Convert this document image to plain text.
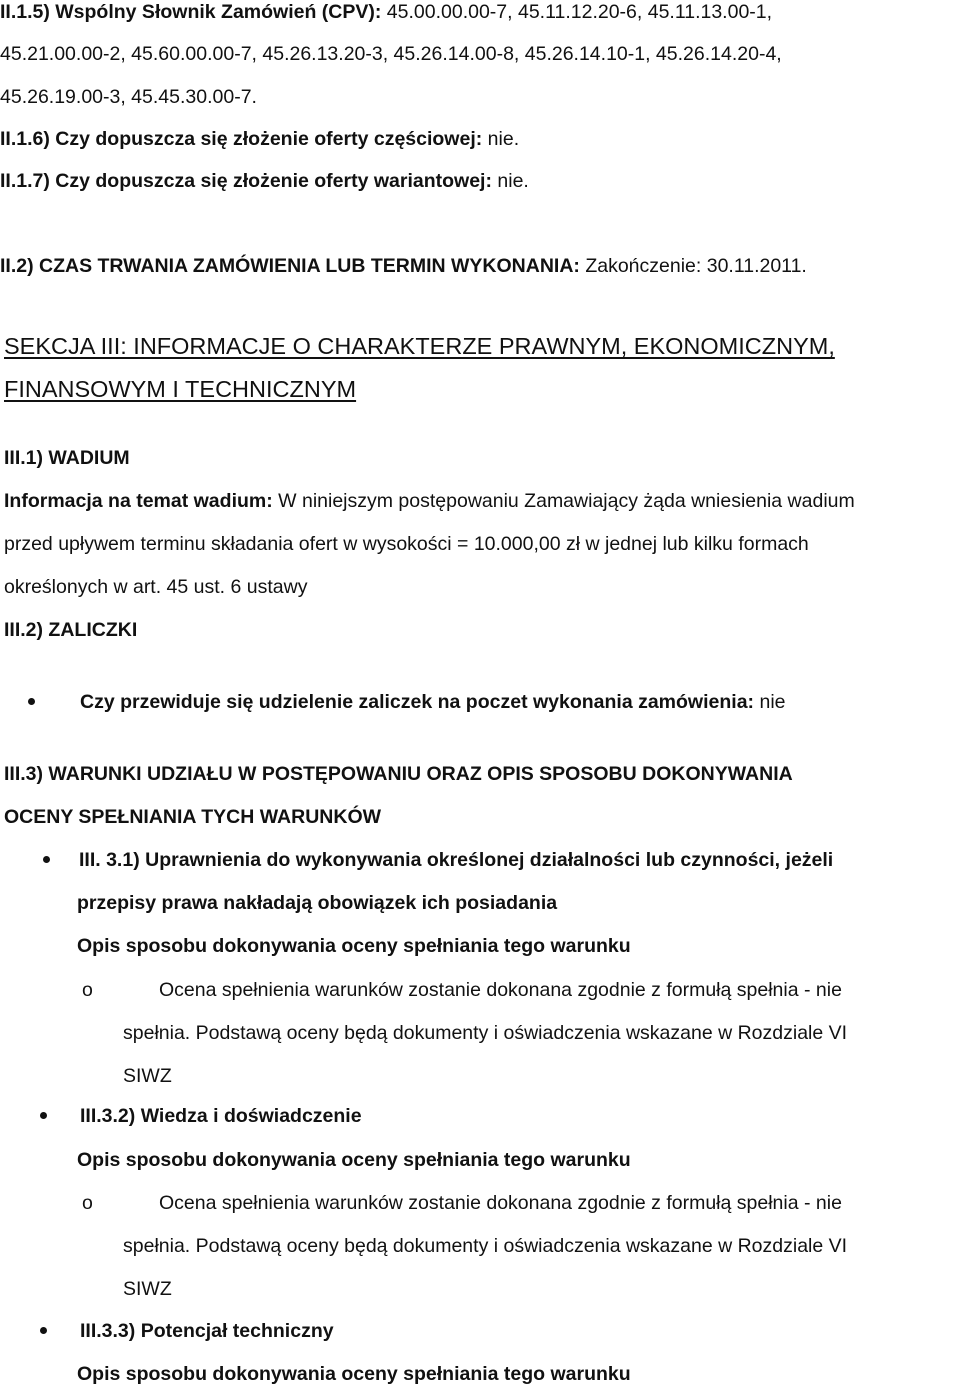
II.1.5) Wspólny Słownik Zamówień (CPV): 45.00.00.00-7, 45.11.12.20-6, 45.11.13.00-1,
45.21.00.00-2, 45.60.00.00-7, 45.26.13.20-3, 45.26.14.00-8, 45.26.14.10-1, 45.26.14.20-4,
45.26.19.00-3, 45.45.30.00-7.
II.1.6) Czy dopuszcza się złożenie oferty częściowej: nie.
II.1.7) Czy dopuszcza się złożenie oferty wariantowej: nie.
II.2) CZAS TRWANIA ZAMÓWIENIA LUB TERMIN WYKONANIA: Zakończenie: 30.11.2011.
SEKCJA III: INFORMACJE O CHARAKTERZE PRAWNYM, EKONOMICZNYM,
FINANSOWYM I TECHNICZNYM
III.1) WADIUM
Informacja na temat wadium: W niniejszym postępowaniu Zamawiający żąda wniesienia wadium
przed upływem terminu składania ofert w wysokości = 10.000,00 zł w jednej lub kilku formach
określonych w art. 45 ust. 6 ustawy
III.2) ZALICZKI
Czy przewiduje się udzielenie zaliczek na poczet wykonania zamówienia: nie
III.3) WARUNKI UDZIAŁU W POSTĘPOWANIU ORAZ OPIS SPOSOBU DOKONYWANIA
OCENY SPEŁNIANIA TYCH WARUNKÓW
III. 3.1) Uprawnienia do wykonywania określonej działalności lub czynności, jeżeli
przepisy prawa nakładają obowiązek ich posiadania
Opis sposobu dokonywania oceny spełniania tego warunku
o	Ocena spełnienia warunków zostanie dokonana zgodnie z formułą spełnia - nie
spełnia. Podstawą oceny będą dokumenty i oświadczenia wskazane w Rozdziale VI
SIWZ
III.3.2) Wiedza i doświadczenie
Opis sposobu dokonywania oceny spełniania tego warunku
o	Ocena spełnienia warunków zostanie dokonana zgodnie z formułą spełnia - nie
spełnia. Podstawą oceny będą dokumenty i oświadczenia wskazane w Rozdziale VI
SIWZ
III.3.3) Potencjał techniczny
Opis sposobu dokonywania oceny spełniania tego warunku
